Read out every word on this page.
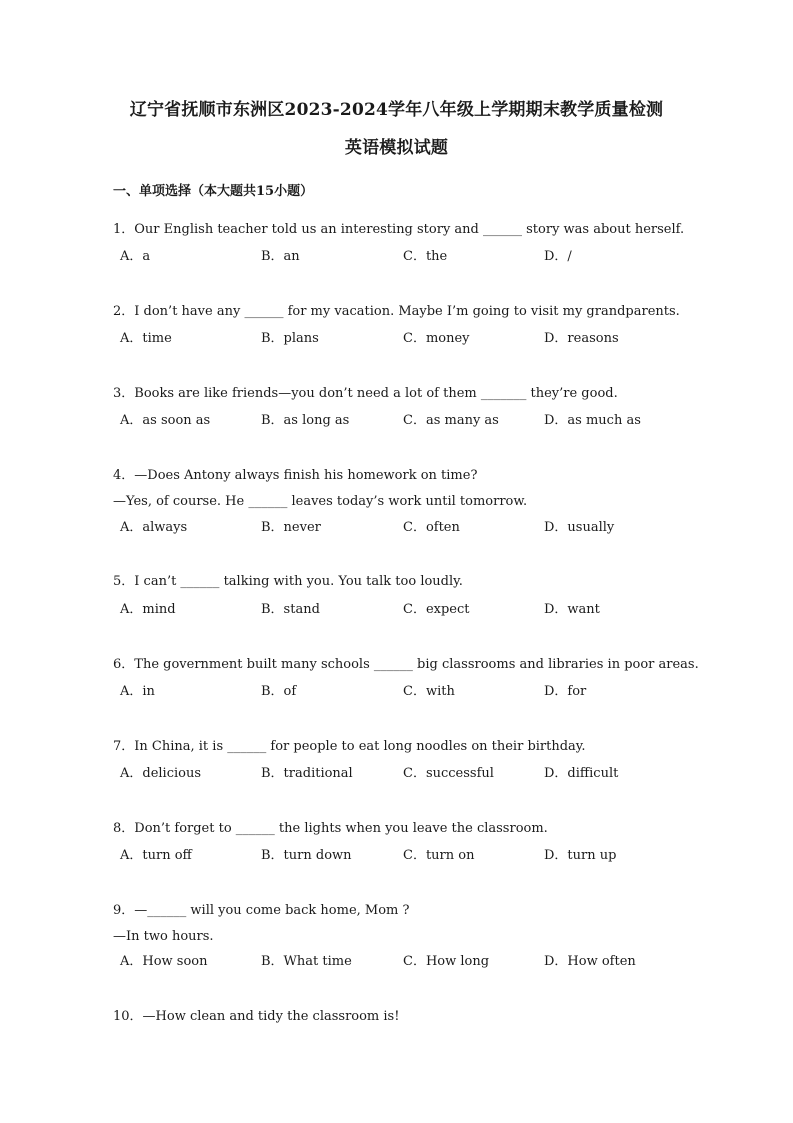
辽宁省抚顺市东洲区2023-2024学年八年级上学期期末教学质量检测
英语模拟试题
一、单项选择（本大题共15小题）
1．Our English teacher told us an interesting story and ______ story was about herself.
A．a	B．an	C．the	D．/
2．I don’t have any ______ for my vacation. Maybe I’m going to visit my grandparents.
A．time	B．plans	C．money	D．reasons
3．Books are like friends—you don’t need a lot of them _______ they’re good.
A．as soon as	B．as long as	C．as many as	D．as much as
4．—Does Antony always finish his homework on time?
—Yes, of course. He ______ leaves today’s work until tomorrow.
A．always	B．never	C．often	D．usually
5．I can’t ______ talking with you. You talk too loudly.
A．mind	B．stand	C．expect	D．want
6．The government built many schools ______ big classrooms and libraries in poor areas.
A．in	B．of	C．with	D．for
7．In China, it is ______ for people to eat long noodles on their birthday.
A．delicious	B．traditional	C．successful	D．difficult
8．Don’t forget to ______ the lights when you leave the classroom.
A．turn off	B．turn down	C．turn on	D．turn up
9．—______ will you come back home, Mom ?
—In two hours.
A．How soon	B．What time	C．How long	D．How often
10．—How clean and tidy the classroom is!
